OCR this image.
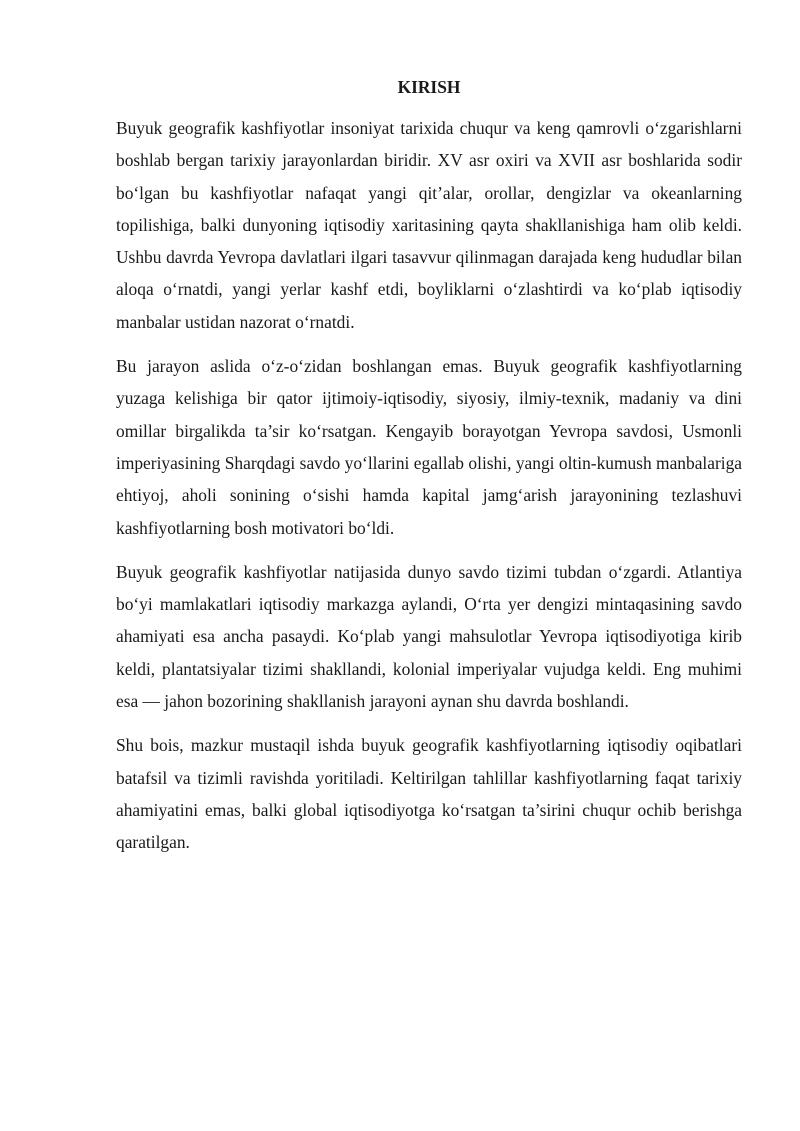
KIRISH

Buyuk geografik kashfiyotlar insoniyat tarixida chuqur va keng qamrovli o‘zgarishlarni boshlab bergan tarixiy jarayonlardan biridir. XV asr oxiri va XVII asr boshlarida sodir bo‘lgan bu kashfiyotlar nafaqat yangi qit’alar, orollar, dengizlar va okeanlarning topilishiga, balki dunyoning iqtisodiy xaritasining qayta shakllanishiga ham olib keldi. Ushbu davrda Yevropa davlatlari ilgari tasavvur qilinmagan darajada keng hududlar bilan aloqa o‘rnatdi, yangi yerlar kashf etdi, boyliklarni o‘zlashtirdi va ko‘plab iqtisodiy manbalar ustidan nazorat o‘rnatdi.

Bu jarayon aslida o‘z-o‘zidan boshlangan emas. Buyuk geografik kashfiyotlarning yuzaga kelishiga bir qator ijtimoiy-iqtisodiy, siyosiy, ilmiy-texnik, madaniy va dini omillar birgalikda ta’sir ko‘rsatgan. Kengayib borayotgan Yevropa savdosi, Usmonli imperiyasining Sharqdagi savdo yo‘llarini egallab olishi, yangi oltin-kumush manbalariga ehtiyoj, aholi sonining o‘sishi hamda kapital jamg‘arish jarayonining tezlashuvi kashfiyotlarning bosh motivatori bo‘ldi.

Buyuk geografik kashfiyotlar natijasida dunyo savdo tizimi tubdan o‘zgardi. Atlantiya bo‘yi mamlakatlari iqtisodiy markazga aylandi, O‘rta yer dengizi mintaqasining savdo ahamiyati esa ancha pasaydi. Ko‘plab yangi mahsulotlar Yevropa iqtisodiyotiga kirib keldi, plantatsiyalar tizimi shakllandi, kolonial imperiyalar vujudga keldi. Eng muhimi esa — jahon bozorining shakllanish jarayoni aynan shu davrda boshlandi.

Shu bois, mazkur mustaqil ishda buyuk geografik kashfiyotlarning iqtisodiy oqibatlari batafsil va tizimli ravishda yoritiladi. Keltirilgan tahlillar kashfiyotlarning faqat tarixiy ahamiyatini emas, balki global iqtisodiyotga ko‘rsatgan ta’sirini chuqur ochib berishga qaratilgan.
